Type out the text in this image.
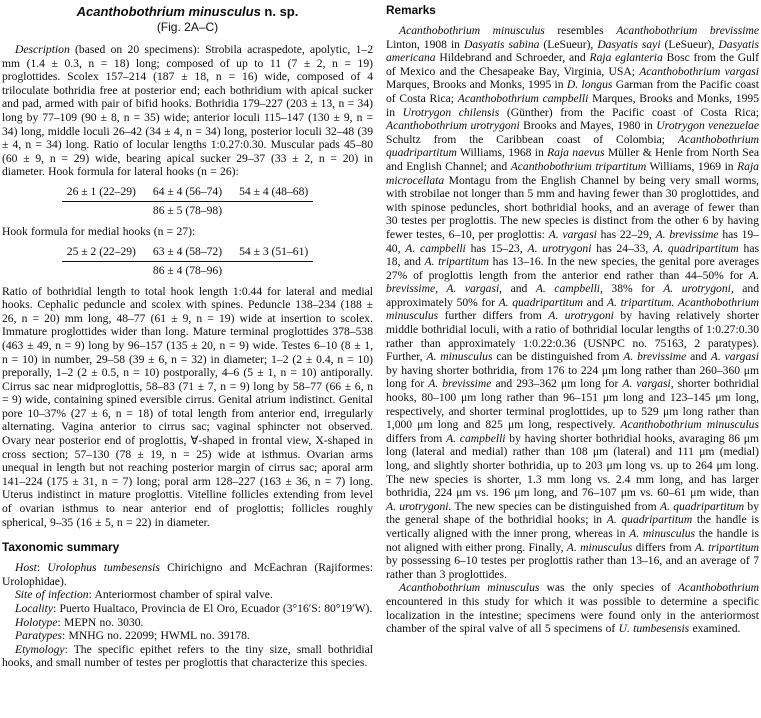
Acanthobothrium minusculus n. sp.
(Fig. 2A–C)

Description (based on 20 specimens): Strobila acraspedote, apolytic, 1–2 mm (1.4 ± 0.3, n = 18) long; composed of up to 11 (7 ± 2, n = 19) proglottides. Scolex 157–214 (187 ± 18, n = 16) wide, composed of 4 triloculate bothridia free at posterior end; each bothridium with apical sucker and pad, armed with pair of bifid hooks. Bothridia 179–227 (203 ± 13, n = 34) long by 77–109 (90 ± 8, n = 35) wide; anterior loculi 115–147 (130 ± 9, n = 34) long, middle loculi 26–42 (34 ± 4, n = 34) long, posterior loculi 32–48 (39 ± 4, n = 34) long. Ratio of locular lengths 1:0.27:0.30. Muscular pads 45–80 (60 ± 9, n = 29) wide, bearing apical sucker 29–37 (33 ± 2, n = 20) in diameter. Hook formula for lateral hooks (n = 26):

26 ± 1 (22–29) 64 ± 4 (56–74) 54 ± 4 (48–68)
86 ± 5 (78–98)

Hook formula for medial hooks (n = 27):

25 ± 2 (22–29) 63 ± 4 (58–72) 54 ± 3 (51–61)
86 ± 4 (78–96)

Ratio of bothridial length to total hook length 1:0.44 for lateral and medial hooks. Cephalic peduncle and scolex with spines. Peduncle 138–234 (188 ± 26, n = 20) mm long, 48–77 (61 ± 9, n = 19) wide at insertion to scolex. Immature proglottides wider than long. Mature terminal proglottides 378–538 (463 ± 49, n = 9) long by 96–157 (135 ± 20, n = 9) wide. Testes 6–10 (8 ± 1, n = 10) in number, 29–58 (39 ± 6, n = 32) in diameter; 1–2 (2 ± 0.4, n = 10) preporally, 1–2 (2 ± 0.5, n = 10) postporally, 4–6 (5 ± 1, n = 10) antiporally. Cirrus sac near midproglottis, 58–83 (71 ± 7, n = 9) long by 58–77 (66 ± 6, n = 9) wide, containing spined eversible cirrus. Genital atrium indistinct. Genital pore 10–37% (27 ± 6, n = 18) of total length from anterior end, irregularly alternating. Vagina anterior to cirrus sac; vaginal sphincter not observed. Ovary near posterior end of proglottis, ∀-shaped in frontal view, X-shaped in cross section; 57–130 (78 ± 19, n = 25) wide at isthmus. Ovarian arms unequal in length but not reaching posterior margin of cirrus sac; aporal arm 141–224 (175 ± 31, n = 7) long; poral arm 128–227 (163 ± 36, n = 7) long. Uterus indistinct in mature proglottis. Vitelline follicles extending from level of ovarian isthmus to near anterior end of proglottis; follicles roughly spherical, 9–35 (16 ± 5, n = 22) in diameter.

Taxonomic summary

Host: Urolophus tumbesensis Chirichigno and McEachran (Rajiformes: Urolophidae).

Site of infection: Anteriormost chamber of spiral valve.

Locality: Puerto Hualtaco, Provincia de El Oro, Ecuador (3°16′S: 80°19′W).

Holotype: MEPN no. 3030.

Paratypes: MNHG no. 22099; HWML no. 39178.

Etymology: The specific epithet refers to the tiny size, small bothridial hooks, and small number of testes per proglottis that characterize this species.

Remarks

Acanthobothrium minusculus resembles Acanthobothrium brevissime Linton, 1908 in Dasyatis sabina (LeSueur), Dasyatis sayi (LeSueur), Dasyatis americana Hildebrand and Schroeder, and Raja eglanteria Bosc from the Gulf of Mexico and the Chesapeake Bay, Virginia, USA; Acanthobothrium vargasi Marques, Brooks and Monks, 1995 in D. longus Garman from the Pacific coast of Costa Rica; Acanthobothrium campbelli Marques, Brooks and Monks, 1995 in Urotrygon chilensis (Günther) from the Pacific coast of Costa Rica; Acanthobothrium urotrygoni Brooks and Mayes, 1980 in Urotrygon venezuelae Schultz from the Caribbean coast of Colombia; Acanthobothrium quadripartitum Williams, 1968 in Raja naevus Müller & Henle from North Sea and English Channel; and Acanthobothrium tripartitum Williams, 1969 in Raja microcellata Montagu from the English Channel by being very small worms, with strobilae not longer than 5 mm and having fewer than 30 proglottides, and with spinose peduncles, short bothridial hooks, and an average of fewer than 30 testes per proglottis. The new species is distinct from the other 6 by having fewer testes, 6–10, per proglottis: A. vargasi has 22–29, A. brevissime has 19–40, A. campbelli has 15–23, A. urotrygoni has 24–33, A. quadripartitum has 18, and A. tripartitum has 13–16. In the new species, the genital pore averages 27% of proglottis length from the anterior end rather than 44–50% for A. brevissime, A. vargasi, and A. campbelli, 38% for A. urotrygoni, and approximately 50% for A. quadripartitum and A. tripartitum. Acanthobothrium minusculus further differs from A. urotrygoni by having relatively shorter middle bothridial loculi, with a ratio of bothridial locular lengths of 1:0.27:0.30 rather than approximately 1:0.22:0.36 (USNPC no. 75163, 2 paratypes). Further, A. minusculus can be distinguished from A. brevissime and A. vargasi by having shorter bothridia, from 176 to 224 μm long rather than 260–360 μm long for A. brevissime and 293–362 μm long for A. vargasi, shorter bothridial hooks, 80–100 μm long rather than 96–151 μm long and 123–145 μm long, respectively, and shorter terminal proglottides, up to 529 μm long rather than 1,000 μm long and 825 μm long, respectively. Acanthobothrium minusculus differs from A. campbelli by having shorter bothridial hooks, avaraging 86 μm long (lateral and medial) rather than 108 μm (lateral) and 111 μm (medial) long, and slightly shorter bothridia, up to 203 μm long vs. up to 264 μm long. The new species is shorter, 1.3 mm long vs. 2.4 mm long, and has larger bothridia, 224 μm vs. 196 μm long, and 76–107 μm vs. 60–61 μm wide, than A. urotrygoni. The new species can be distinguished from A. quadripartitum by the general shape of the bothridial hooks; in A. quadripartitum the handle is vertically aligned with the inner prong, whereas in A. minusculus the handle is not aligned with either prong. Finally, A. minusculus differs from A. tripartitum by possessing 6–10 testes per proglottis rather than 13–16, and an average of 7 rather than 3 proglottides.

Acanthobothrium minusculus was the only species of Acanthobothrium encountered in this study for which it was possible to determine a specific localization in the intestine; specimens were found only in the anteriormost chamber of the spiral valve of all 5 specimens of U. tumbesensis examined.
